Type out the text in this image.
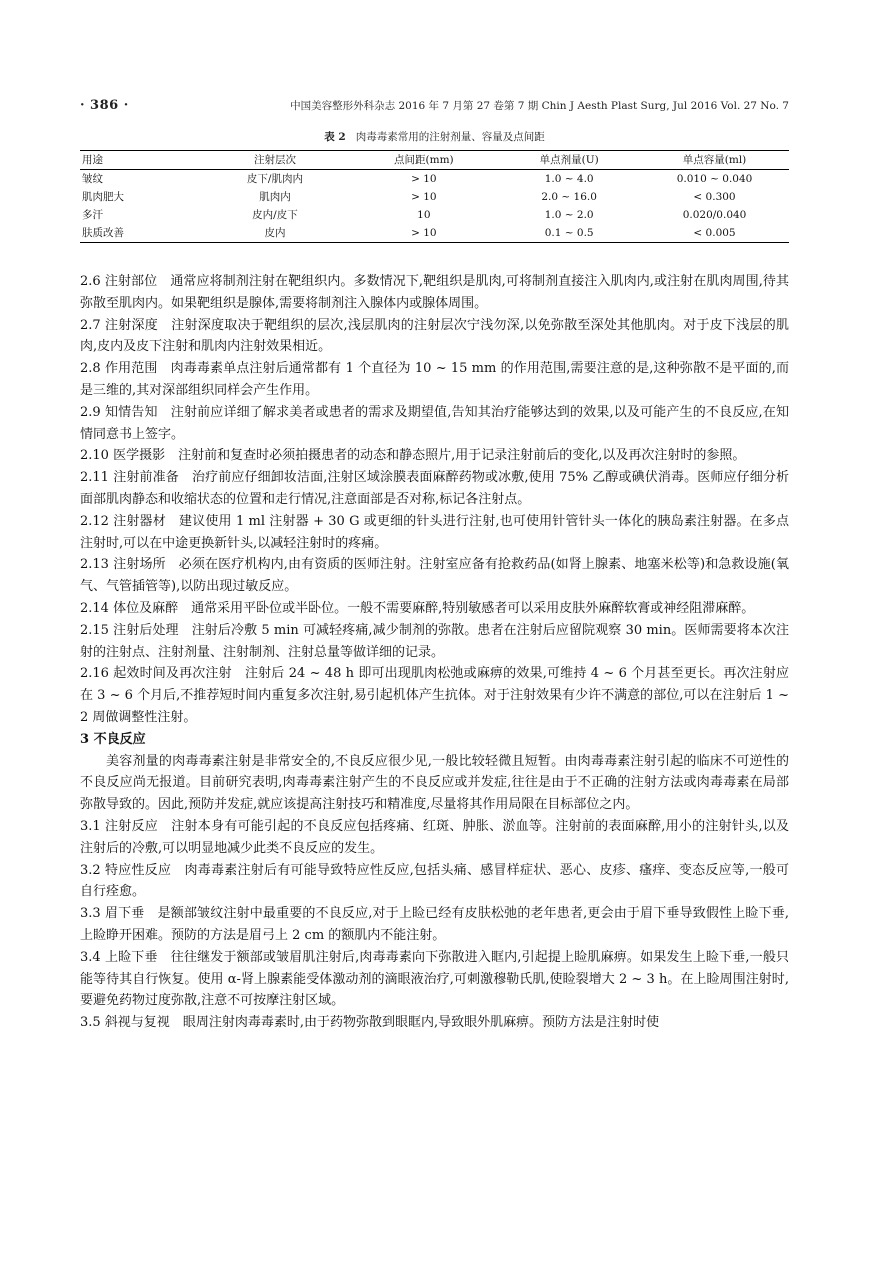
· 386 ·	中国美容整形外科杂志 2016 年 7 月第 27 卷第 7 期 Chin J Aesth Plast Surg, Jul 2016 Vol. 27 No. 7
表 2 肉毒毒素常用的注射剂量、容量及点间距
用途	注射层次	点间距(mm)	单点剂量(U)	单点容量(ml)
皱纹	皮下/肌肉内	> 10	1.0 ~ 4.0	0.010 ~ 0.040
肌肉肥大	肌肉内	> 10	2.0 ~ 16.0	< 0.300
多汗	皮内/皮下	10	1.0 ~ 2.0	0.020/0.040
肤质改善	皮内	> 10	0.1 ~ 0.5	< 0.005

2.6 注射部位  通常应将制剂注射在靶组织内。多数情况下,靶组织是肌肉,可将制剂直接注入肌肉内,或注射在肌肉周围,待其弥散至肌肉内。如果靶组织是腺体,需要将制剂注入腺体内或腺体周围。

2.7 注射深度  注射深度取决于靶组织的层次,浅层肌肉的注射层次宁浅勿深,以免弥散至深处其他肌肉。对于皮下浅层的肌肉,皮内及皮下注射和肌肉内注射效果相近。

2.8 作用范围  肉毒毒素单点注射后通常都有 1 个直径为 10 ~ 15 mm 的作用范围,需要注意的是,这种弥散不是平面的,而是三维的,其对深部组织同样会产生作用。

2.9 知情告知  注射前应详细了解求美者或患者的需求及期望值,告知其治疗能够达到的效果,以及可能产生的不良反应,在知情同意书上签字。

2.10 医学摄影  注射前和复查时必须拍摄患者的动态和静态照片,用于记录注射前后的变化,以及再次注射时的参照。

2.11 注射前准备  治疗前应仔细卸妆洁面,注射区域涂膜表面麻醉药物或冰敷,使用 75% 乙醇或碘伏消毒。医师应仔细分析面部肌肉静态和收缩状态的位置和走行情况,注意面部是否对称,标记各注射点。

2.12 注射器材  建议使用 1 ml 注射器 + 30 G 或更细的针头进行注射,也可使用针管针头一体化的胰岛素注射器。在多点注射时,可以在中途更换新针头,以减轻注射时的疼痛。

2.13 注射场所  必须在医疗机构内,由有资质的医师注射。注射室应备有抢救药品(如肾上腺素、地塞米松等)和急救设施(氧气、气管插管等),以防出现过敏反应。

2.14 体位及麻醉  通常采用平卧位或半卧位。一般不需要麻醉,特别敏感者可以采用皮肤外麻醉软膏或神经阻滞麻醉。

2.15 注射后处理  注射后冷敷 5 min 可减轻疼痛,减少制剂的弥散。患者在注射后应留院观察 30 min。医师需要将本次注射的注射点、注射剂量、注射制剂、注射总量等做详细的记录。

2.16 起效时间及再次注射  注射后 24 ~ 48 h 即可出现肌肉松弛或麻痹的效果,可维持 4 ~ 6 个月甚至更长。再次注射应在 3 ~ 6 个月后,不推荐短时间内重复多次注射,易引起机体产生抗体。对于注射效果有少许不满意的部位,可以在注射后 1 ~ 2 周做调整性注射。

3 不良反应

美容剂量的肉毒毒素注射是非常安全的,不良反应很少见,一般比较轻微且短暂。由肉毒毒素注射引起的临床不可逆性的不良反应尚无报道。目前研究表明,肉毒毒素注射产生的不良反应或并发症,往往是由于不正确的注射方法或肉毒毒素在局部弥散导致的。因此,预防并发症,就应该提高注射技巧和精准度,尽量将其作用局限在目标部位之内。

3.1 注射反应  注射本身有可能引起的不良反应包括疼痛、红斑、肿胀、淤血等。注射前的表面麻醉,用小的注射针头,以及注射后的冷敷,可以明显地减少此类不良反应的发生。

3.2 特应性反应  肉毒毒素注射后有可能导致特应性反应,包括头痛、感冒样症状、恶心、皮疹、瘙痒、变态反应等,一般可自行痊愈。

3.3 眉下垂  是额部皱纹注射中最重要的不良反应,对于上睑已经有皮肤松弛的老年患者,更会由于眉下垂导致假性上睑下垂,上睑睁开困难。预防的方法是眉弓上 2 cm 的额肌内不能注射。

3.4 上睑下垂  往往继发于额部或皱眉肌注射后,肉毒毒素向下弥散进入眶内,引起提上睑肌麻痹。如果发生上睑下垂,一般只能等待其自行恢复。使用 α-肾上腺素能受体激动剂的滴眼液治疗,可刺激穆勒氏肌,使睑裂增大 2 ~ 3 h。在上睑周围注射时,要避免药物过度弥散,注意不可按摩注射区域。

3.5 斜视与复视  眼周注射肉毒毒素时,由于药物弥散到眼眶内,导致眼外肌麻痹。预防方法是注射时使
